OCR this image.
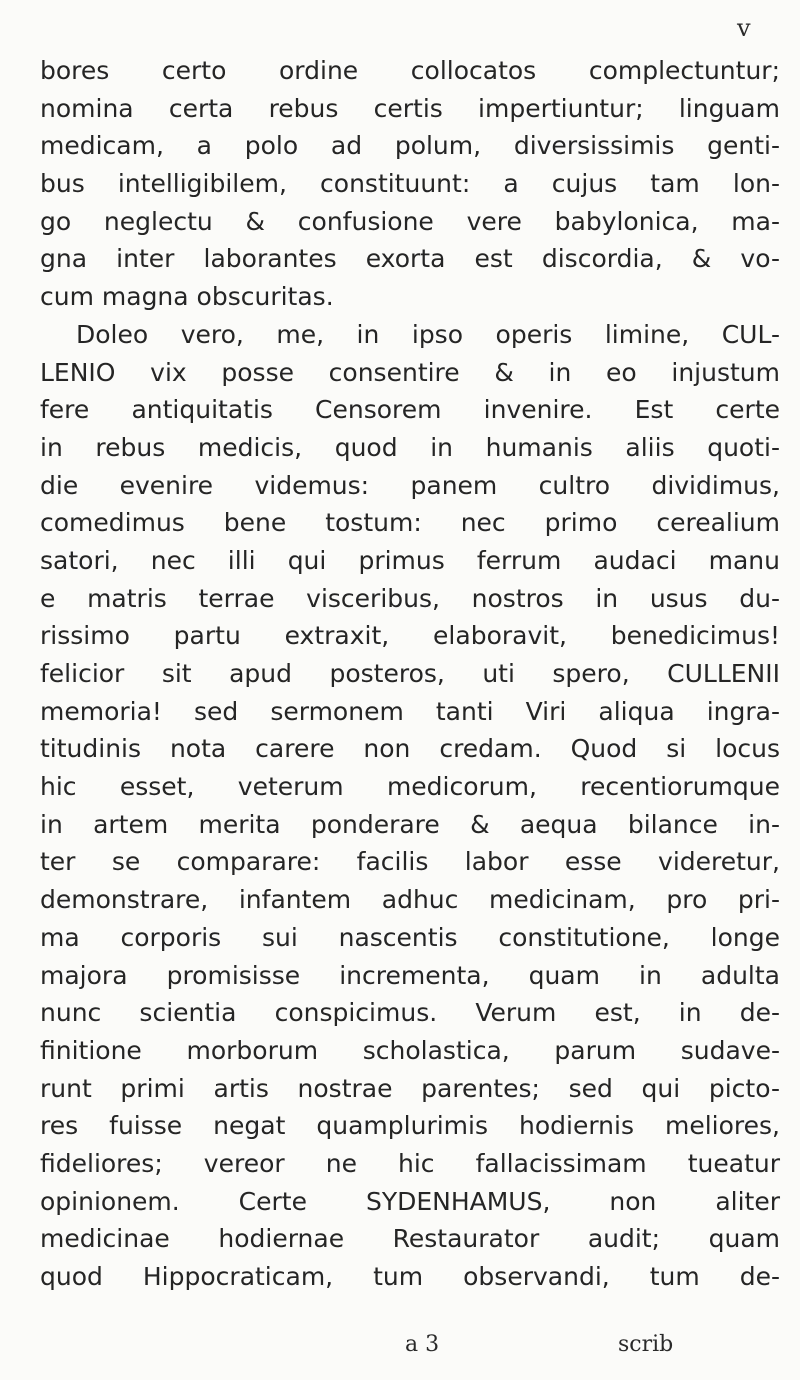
v
bores certo ordine collocatos complectuntur;
nomina certa rebus certis impertiuntur; linguam
medicam, a polo ad polum, diversissimis genti-
bus intelligibilem, constituunt: a cujus tam lon-
go neglectu & confusione vere babylonica, ma-
gna inter laborantes exorta est discordia, & vo-
cum magna obscuritas.
Doleo vero, me, in ipso operis limine, CUL-
LENIO vix posse consentire & in eo injustum
fere antiquitatis Censorem invenire. Est certe
in rebus medicis, quod in humanis aliis quoti-
die evenire videmus: panem cultro dividimus,
comedimus bene tostum: nec primo cerealium
satori, nec illi qui primus ferrum audaci manu
e matris terrae visceribus, nostros in usus du-
rissimo partu extraxit, elaboravit, benedicimus!
felicior sit apud posteros, uti spero, CULLENII
memoria! sed sermonem tanti Viri aliqua ingra-
titudinis nota carere non credam. Quod si locus
hic esset, veterum medicorum, recentiorumque
in artem merita ponderare & aequa bilance in-
ter se comparare: facilis labor esse videretur,
demonstrare, infantem adhuc medicinam, pro pri-
ma corporis sui nascentis constitutione, longe
majora promisisse incrementa, quam in adulta
nunc scientia conspicimus. Verum est, in de-
finitione morborum scholastica, parum sudave-
runt primi artis nostrae parentes; sed qui picto-
res fuisse negat quamplurimis hodiernis meliores,
fideliores; vereor ne hic fallacissimam tueatur
opinionem. Certe SYDENHAMUS, non aliter
medicinae hodiernae Restaurator audit; quam
quod Hippocraticam, tum observandi, tum de-
a 3	scrib
